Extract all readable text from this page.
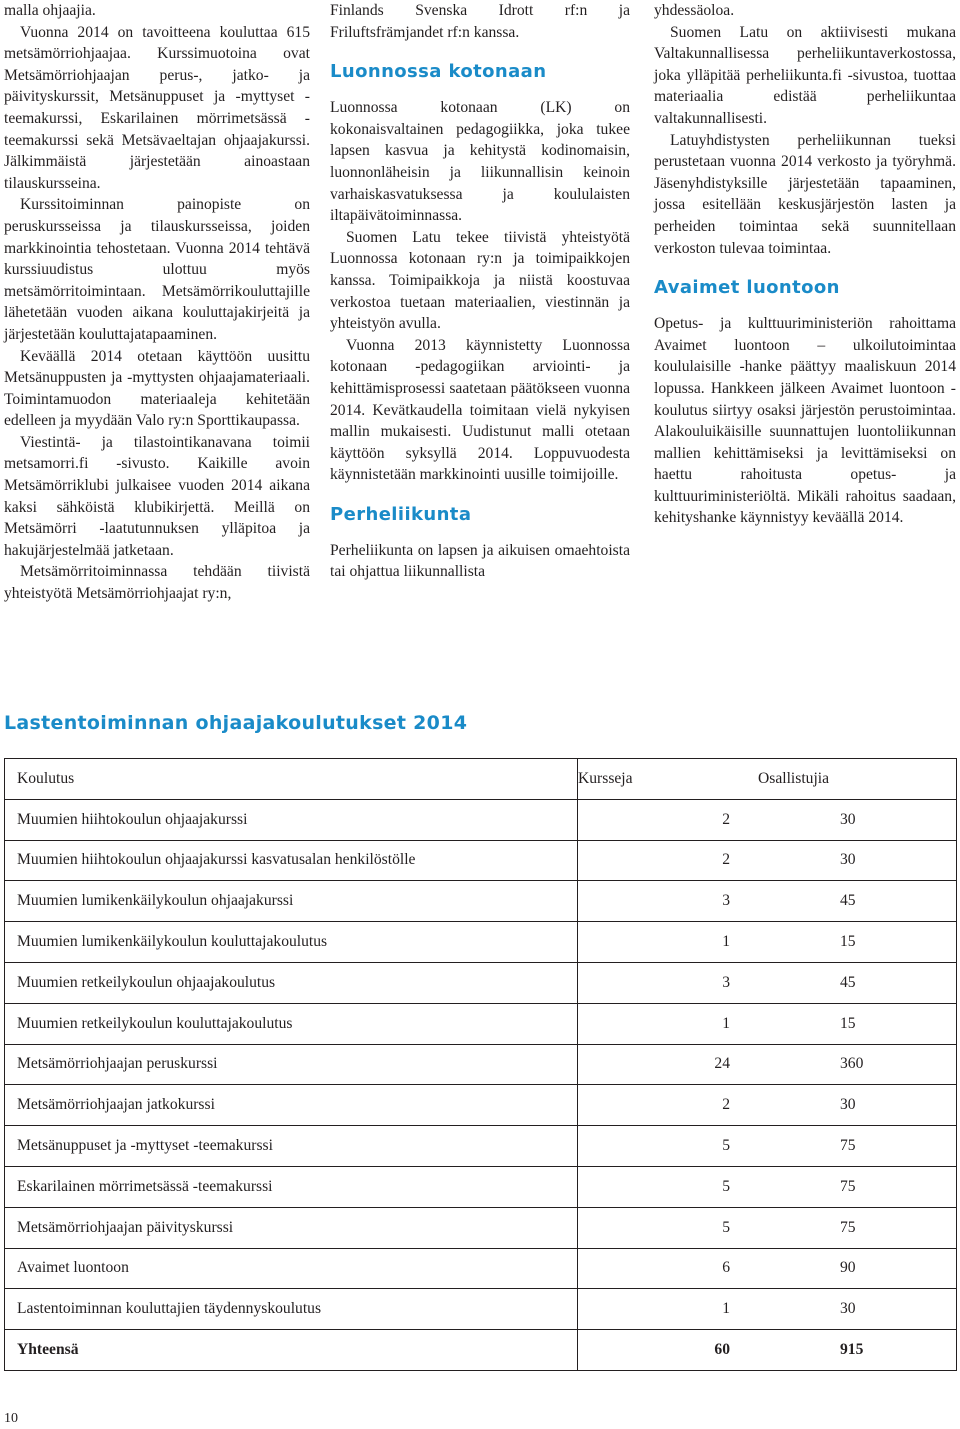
malla ohjaajia.

Vuonna 2014 on tavoitteena kouluttaa 615 metsämörriohjaajaa. Kurssimuotoina ovat Metsämörriohjaajan perus-, jatko- ja päivityskurssit, Metsänuppuset ja -myttyset -teemakurssi, Eskarilainen mörrimetsässä -teemakurssi sekä Metsävaeltajan ohjaajakurssi. Jälkimmäistä järjestetään ainoastaan tilauskursseina.

Kurssitoiminnan painopiste on peruskursseissa ja tilauskursseissa, joiden markkinointia tehostetaan. Vuonna 2014 tehtävä kurssiuudistus ulottuu myös metsämörritoimintaan. Metsämörrikouluttajille lähetetään vuoden aikana kouluttajakirjeitä ja järjestetään kouluttajatapaaminen.

Keväällä 2014 otetaan käyttöön uusittu Metsänuppusten ja -myttysten ohjaajamateriaali. Toimintamuodon materiaaleja kehitetään edelleen ja myydään Valo ry:n Sporttikaupassa.

Viestintä- ja tilastointikanavana toimii metsamorri.fi -sivusto. Kaikille avoin Metsämörriklubi julkaisee vuoden 2014 aikana kaksi sähköistä klubikirjettä. Meillä on Metsämörri -laatutunnuksen ylläpitoa ja hakujärjestelmää jatketaan.

Metsämörritoiminnassa tehdään tiivistä yhteistyötä Metsämörriohjaajat ry:n,

Finlands Svenska Idrott rf:n ja Friluftsfrämjandet rf:n kanssa.

Luonnossa kotonaan

Luonnossa kotonaan (LK) on kokonaisvaltainen pedagogiikka, joka tukee lapsen kasvua ja kehitystä kodinomaisin, luonnonläheisin ja liikunnallisin keinoin varhaiskasvatuksessa ja koululaisten iltapäivätoiminnassa.

Suomen Latu tekee tiivistä yhteistyötä Luonnossa kotonaan ry:n ja toimipaikkojen kanssa. Toimipaikkoja ja niistä koostuvaa verkostoa tuetaan materiaalien, viestinnän ja yhteistyön avulla.

Vuonna 2013 käynnistetty Luonnossa kotonaan -pedagogiikan arviointi- ja kehittämisprosessi saatetaan päätökseen vuonna 2014. Kevätkaudella toimitaan vielä nykyisen mallin mukaisesti. Uudistunut malli otetaan käyttöön syksyllä 2014. Loppuvuodesta käynnistetään markkinointi uusille toimijoille.

Perheliikunta

Perheliikunta on lapsen ja aikuisen omaehtoista tai ohjattua liikunnallista

yhdessäoloa.

Suomen Latu on aktiivisesti mukana Valtakunnallisessa perheliikuntaverkostossa, joka ylläpitää perheliikunta.fi -sivustoa, tuottaa materiaalia edistää perheliikuntaa valtakunnallisesti.

Latuyhdistysten perheliikunnan tueksi perustetaan vuonna 2014 verkosto ja työryhmä. Jäsenyhdistyksille järjestetään tapaaminen, jossa esitellään keskusjärjestön lasten ja perheiden toimintaa sekä suunnitellaan verkoston tulevaa toimintaa.

Avaimet luontoon

Opetus- ja kulttuuriministeriön rahoittama Avaimet luontoon – ulkoilutoimintaa koululaisille -hanke päättyy maaliskuun 2014 lopussa. Hankkeen jälkeen Avaimet luontoon -koulutus siirtyy osaksi järjestön perustoimintaa. Alakouluikäisille suunnattujen luontoliikunnan mallien kehittämiseksi ja levittämiseksi on haettu rahoitusta opetus- ja kulttuuriministeriöltä. Mikäli rahoitus saadaan, kehityshanke käynnistyy keväällä 2014.

Lastentoiminnan ohjaajakoulutukset 2014
Koulutus	Kursseja	Osallistujia
Muumien hiihtokoulun ohjaajakurssi	2	30
Muumien hiihtokoulun ohjaajakurssi kasvatusalan henkilöstölle	2	30
Muumien lumikenkäilykoulun ohjaajakurssi	3	45
Muumien lumikenkäilykoulun kouluttajakoulutus	1	15
Muumien retkeilykoulun ohjaajakoulutus	3	45
Muumien retkeilykoulun kouluttajakoulutus	1	15
Metsämörriohjaajan peruskurssi	24	360
Metsämörriohjaajan jatkokurssi	2	30
Metsänuppuset ja -myttyset -teemakurssi	5	75
Eskarilainen mörrimetsässä -teemakurssi	5	75
Metsämörriohjaajan päivityskurssi	5	75
Avaimet luontoon	6	90
Lastentoiminnan kouluttajien täydennyskoulutus	1	30
Yhteensä	60	915
10
